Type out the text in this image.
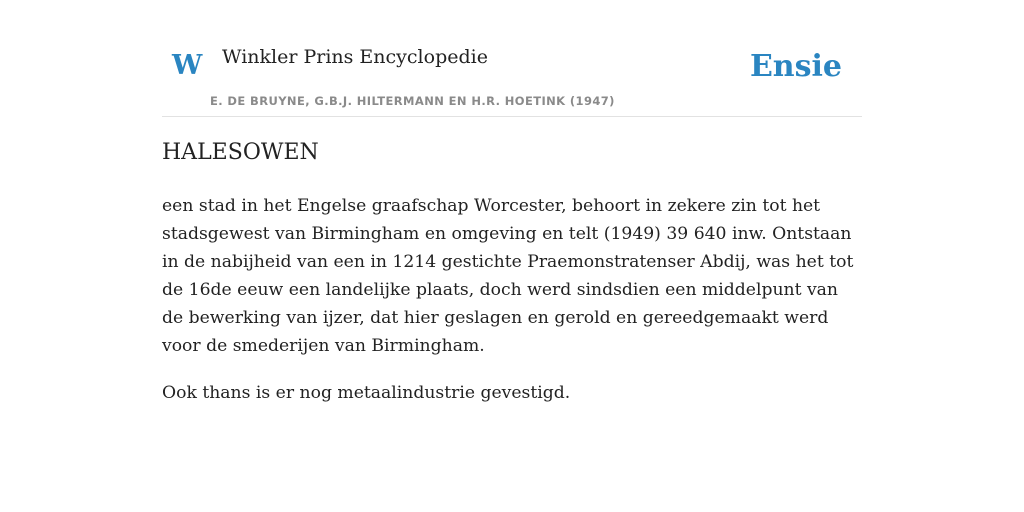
W Winkler Prins Encyclopedie
E. DE BRUYNE, G.B.J. HILTERMANN EN H.R. HOETINK (1947)
Ensie
HALESOWEN

een stad in het Engelse graafschap Worcester, behoort in zekere zin tot het stadsgewest van Birmingham en omgeving en telt (1949) 39 640 inw. Ontstaan in de nabijheid van een in 1214 gestichte Praemonstratenser Abdij, was het tot de 16de eeuw een landelijke plaats, doch werd sindsdien een middelpunt van de bewerking van ijzer, dat hier geslagen en gerold en gereedgemaakt werd voor de smederijen van Birmingham.

Ook thans is er nog metaalindustrie gevestigd.
